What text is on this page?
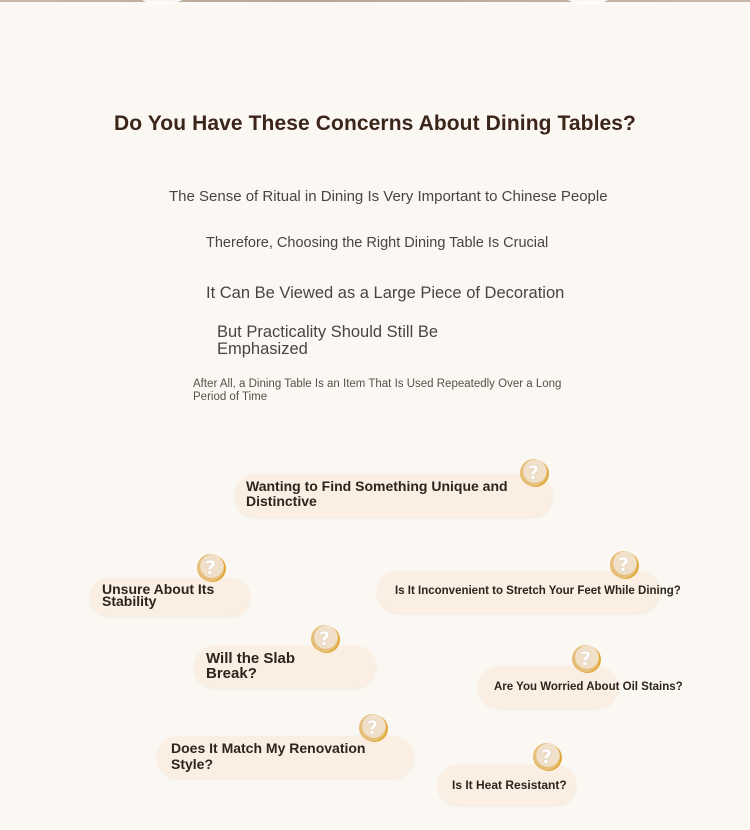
Do You Have These Concerns About Dining Tables?
The Sense of Ritual in Dining Is Very Important to Chinese People
Therefore, Choosing the Right Dining Table Is Crucial
It Can Be Viewed as a Large Piece of Decoration
But Practicality Should Still Be Emphasized
After All, a Dining Table Is an Item That Is Used Repeatedly Over a Long Period of Time
Wanting to Find Something Unique and Distinctive
?
Unsure About Its Stability
?
Is It Inconvenient to Stretch Your Feet While Dining?
?
Will the Slab Break?
?
Are You Worried About Oil Stains?
?
Does It Match My Renovation Style?
?
Is It Heat Resistant?
?
